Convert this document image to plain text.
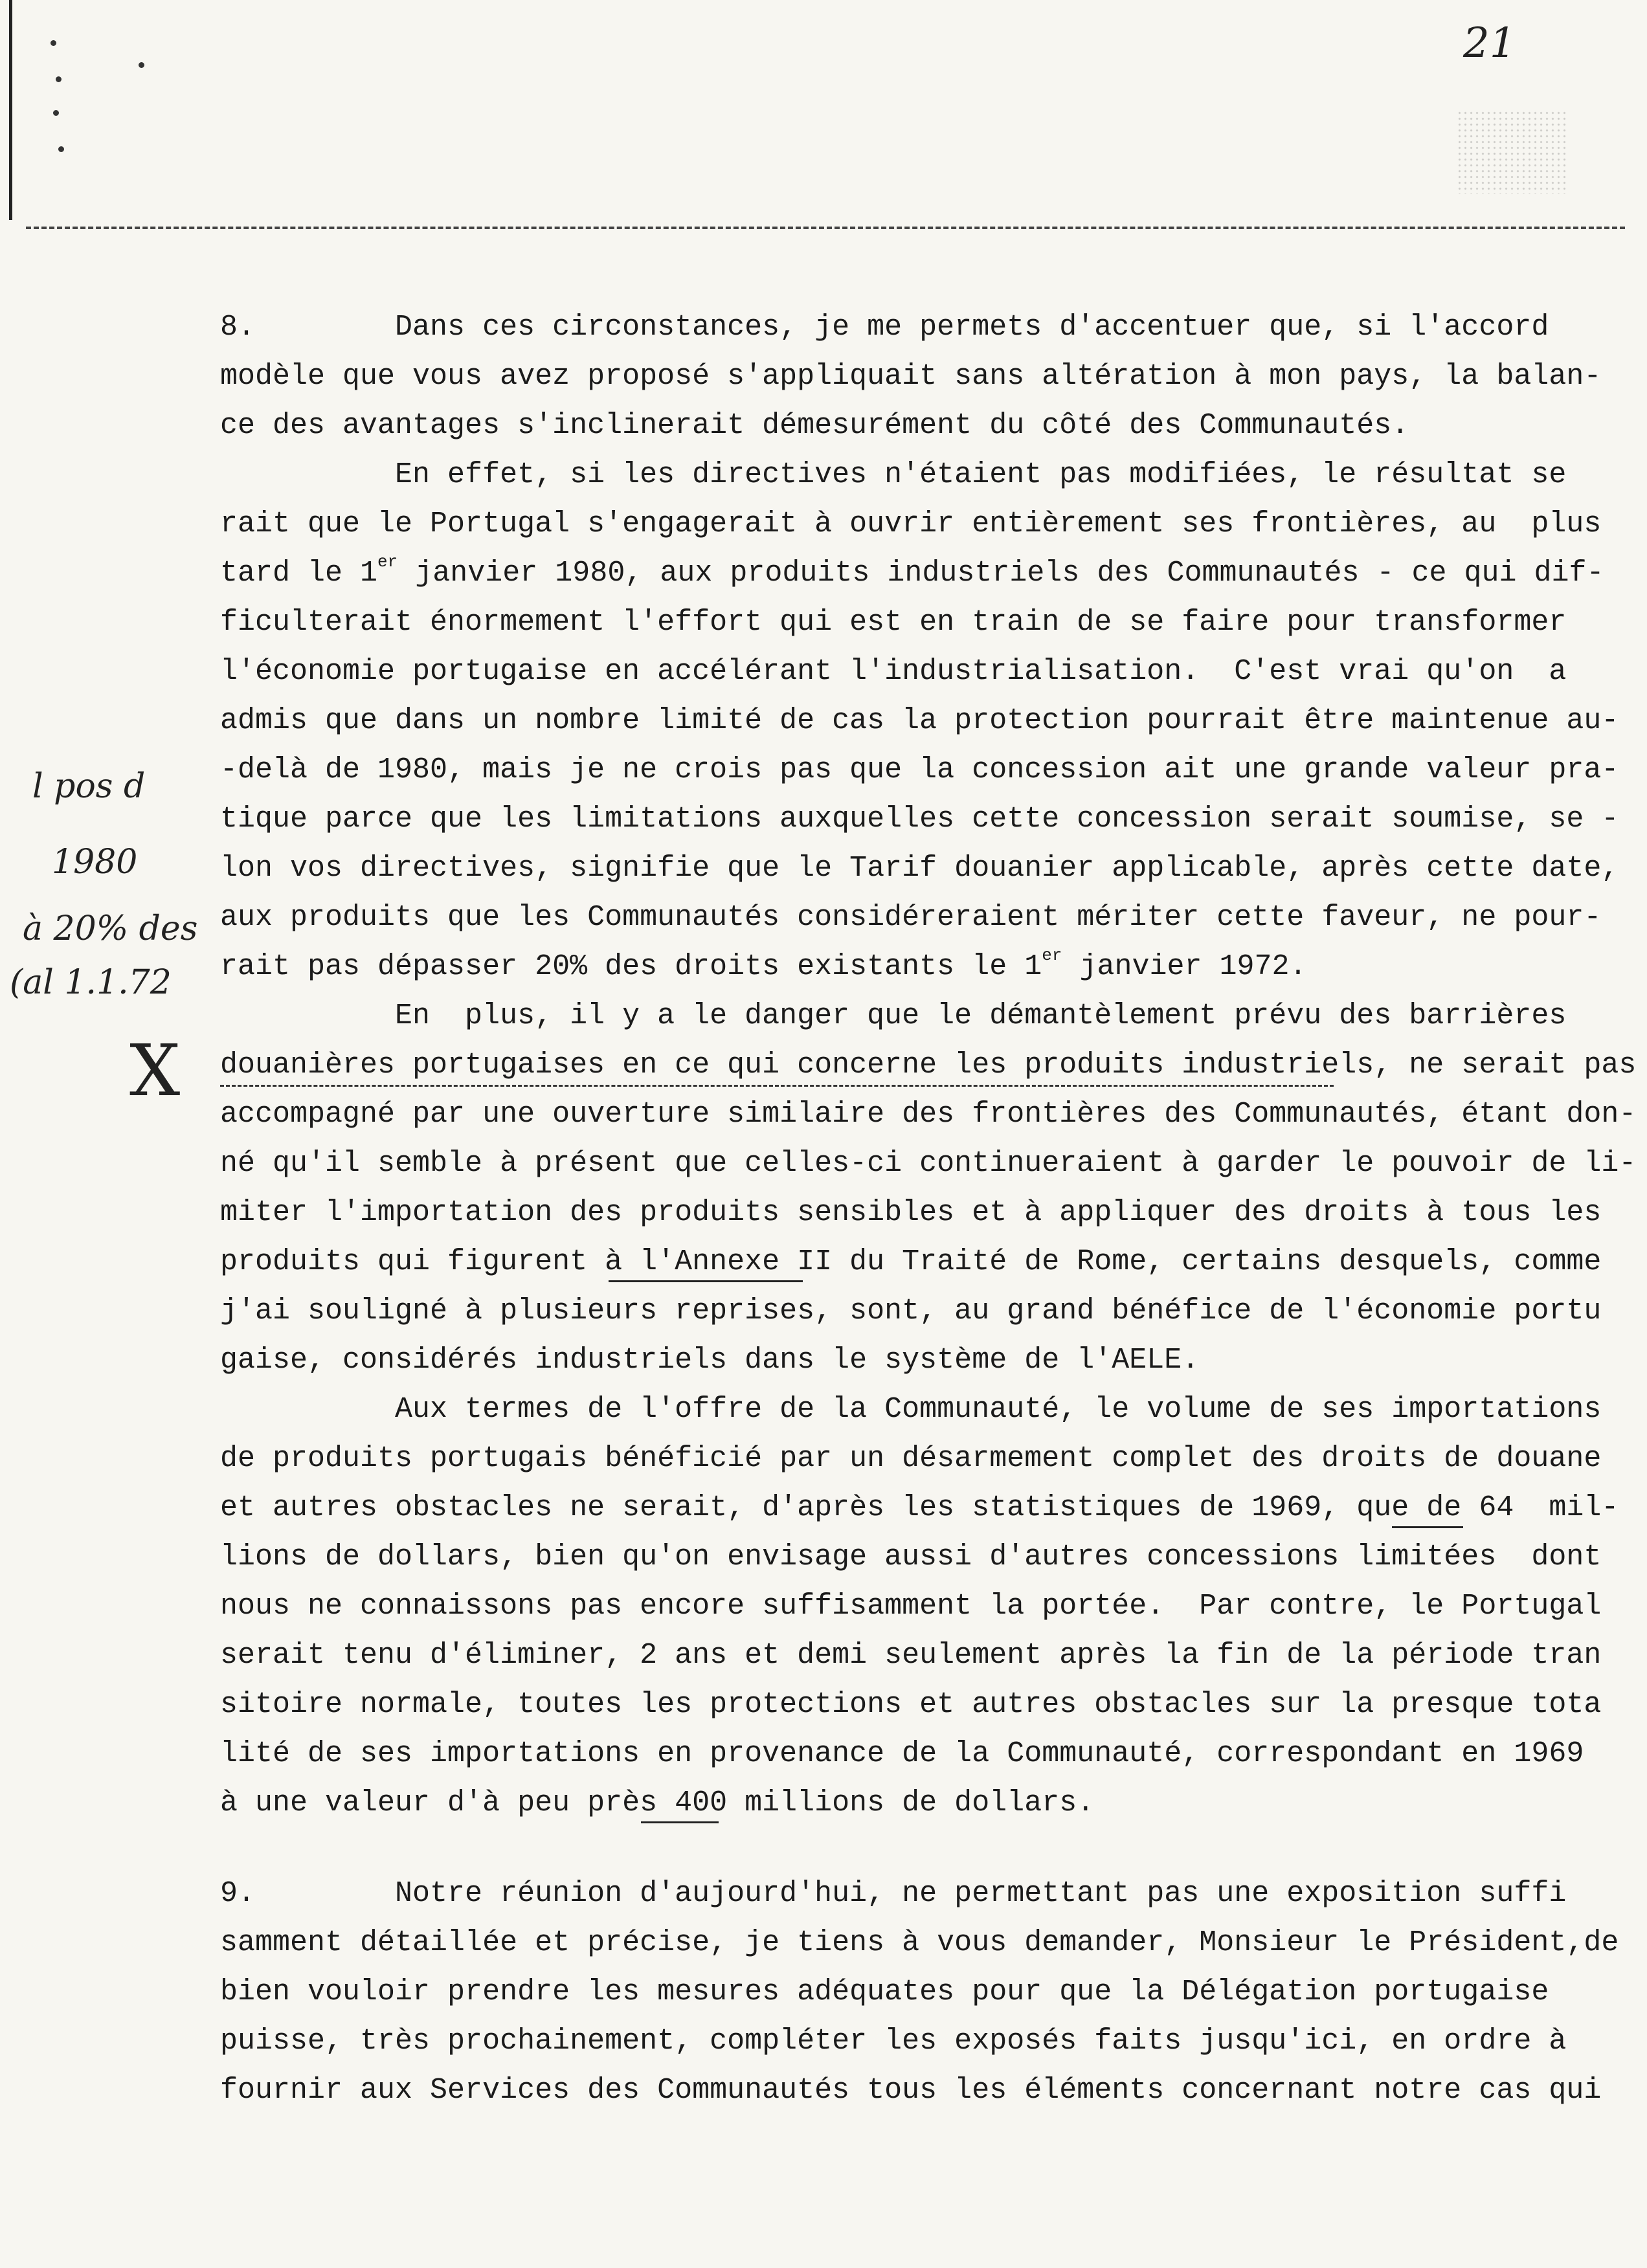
21
l pos d
1980
à 20% des
(al 1.1.72
X
8.        Dans ces circonstances, je me permets d'accentuer que, si l'accord
modèle que vous avez proposé s'appliquait sans altération à mon pays, la balan-
ce des avantages s'inclinerait démesurément du côté des Communautés.
En effet, si les directives n'étaient pas modifiées, le résultat se
rait que le Portugal s'engagerait à ouvrir entièrement ses frontières, au  plus
tard le 1er janvier 1980, aux produits industriels des Communautés - ce qui dif-
ficulterait énormement l'effort qui est en train de se faire pour transformer
l'économie portugaise en accélérant l'industrialisation.  C'est vrai qu'on  a
admis que dans un nombre limité de cas la protection pourrait être maintenue au-
-delà de 1980, mais je ne crois pas que la concession ait une grande valeur pra-
tique parce que les limitations auxquelles cette concession serait soumise, se -
lon vos directives, signifie que le Tarif douanier applicable, après cette date,
aux produits que les Communautés considéreraient mériter cette faveur, ne pour-
rait pas dépasser 20% des droits existants le 1er janvier 1972.
En  plus, il y a le danger que le démantèlement prévu des barrières
douanières portugaises en ce qui concerne les produits industriels, ne serait pas
accompagné par une ouverture similaire des frontières des Communautés, étant don-
né qu'il semble à présent que celles-ci continueraient à garder le pouvoir de li-
miter l'importation des produits sensibles et à appliquer des droits à tous les
produits qui figurent à l'Annexe II du Traité de Rome, certains desquels, comme
j'ai souligné à plusieurs reprises, sont, au grand bénéfice de l'économie portu
gaise, considérés industriels dans le système de l'AELE.
Aux termes de l'offre de la Communauté, le volume de ses importations
de produits portugais bénéficié par un désarmement complet des droits de douane
et autres obstacles ne serait, d'après les statistiques de 1969, que de 64  mil-
lions de dollars, bien qu'on envisage aussi d'autres concessions limitées  dont
nous ne connaissons pas encore suffisamment la portée.  Par contre, le Portugal
serait tenu d'éliminer, 2 ans et demi seulement après la fin de la période tran
sitoire normale, toutes les protections et autres obstacles sur la presque tota
lité de ses importations en provenance de la Communauté, correspondant en 1969
à une valeur d'à peu près 400 millions de dollars.
9.        Notre réunion d'aujourd'hui, ne permettant pas une exposition suffi
samment détaillée et précise, je tiens à vous demander, Monsieur le Président,de
bien vouloir prendre les mesures adéquates pour que la Délégation portugaise
puisse, très prochainement, compléter les exposés faits jusqu'ici, en ordre à
fournir aux Services des Communautés tous les éléments concernant notre cas qui
